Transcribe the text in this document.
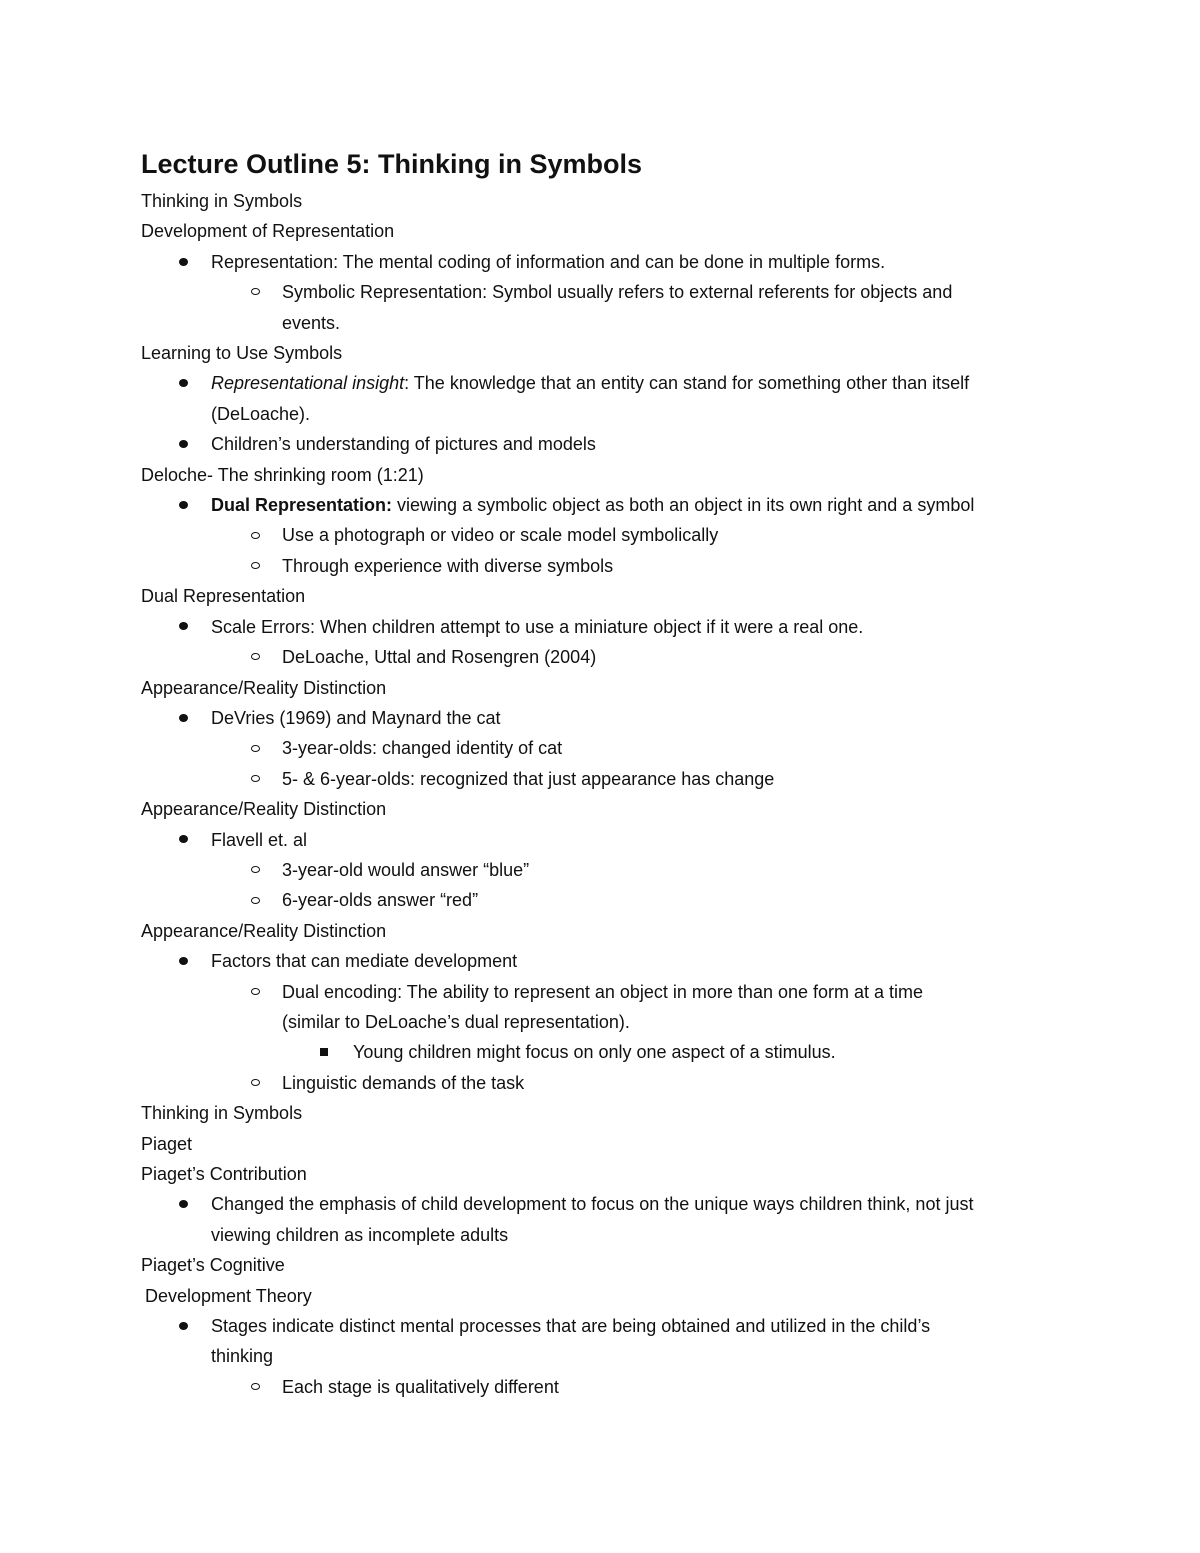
Lecture Outline 5: Thinking in Symbols
Thinking in Symbols
Development of Representation
Representation: The mental coding of information and can be done in multiple forms.
Symbolic Representation: Symbol usually refers to external referents for objects and
events.
Learning to Use Symbols
Representational insight: The knowledge that an entity can stand for something other than itself
(DeLoache).
Children’s understanding of pictures and models
Deloche- The shrinking room (1:21)
Dual Representation: viewing a symbolic object as both an object in its own right and a symbol
Use a photograph or video or scale model symbolically
Through experience with diverse symbols
Dual Representation
Scale Errors: When children attempt to use a miniature object if it were a real one.
DeLoache, Uttal and Rosengren (2004)
Appearance/Reality Distinction
DeVries (1969) and Maynard the cat
3-year-olds: changed identity of cat
5- & 6-year-olds: recognized that just appearance has change
Appearance/Reality Distinction
Flavell et. al
3-year-old would answer “blue”
6-year-olds answer “red”
Appearance/Reality Distinction
Factors that can mediate development
Dual encoding: The ability to represent an object in more than one form at a time
(similar to DeLoache’s dual representation).
Young children might focus on only one aspect of a stimulus.
Linguistic demands of the task
Thinking in Symbols
Piaget
Piaget’s Contribution
Changed the emphasis of child development to focus on the unique ways children think, not just
viewing children as incomplete adults
Piaget’s Cognitive
Development Theory
Stages indicate distinct mental processes that are being obtained and utilized in the child’s
thinking
Each stage is qualitatively different
